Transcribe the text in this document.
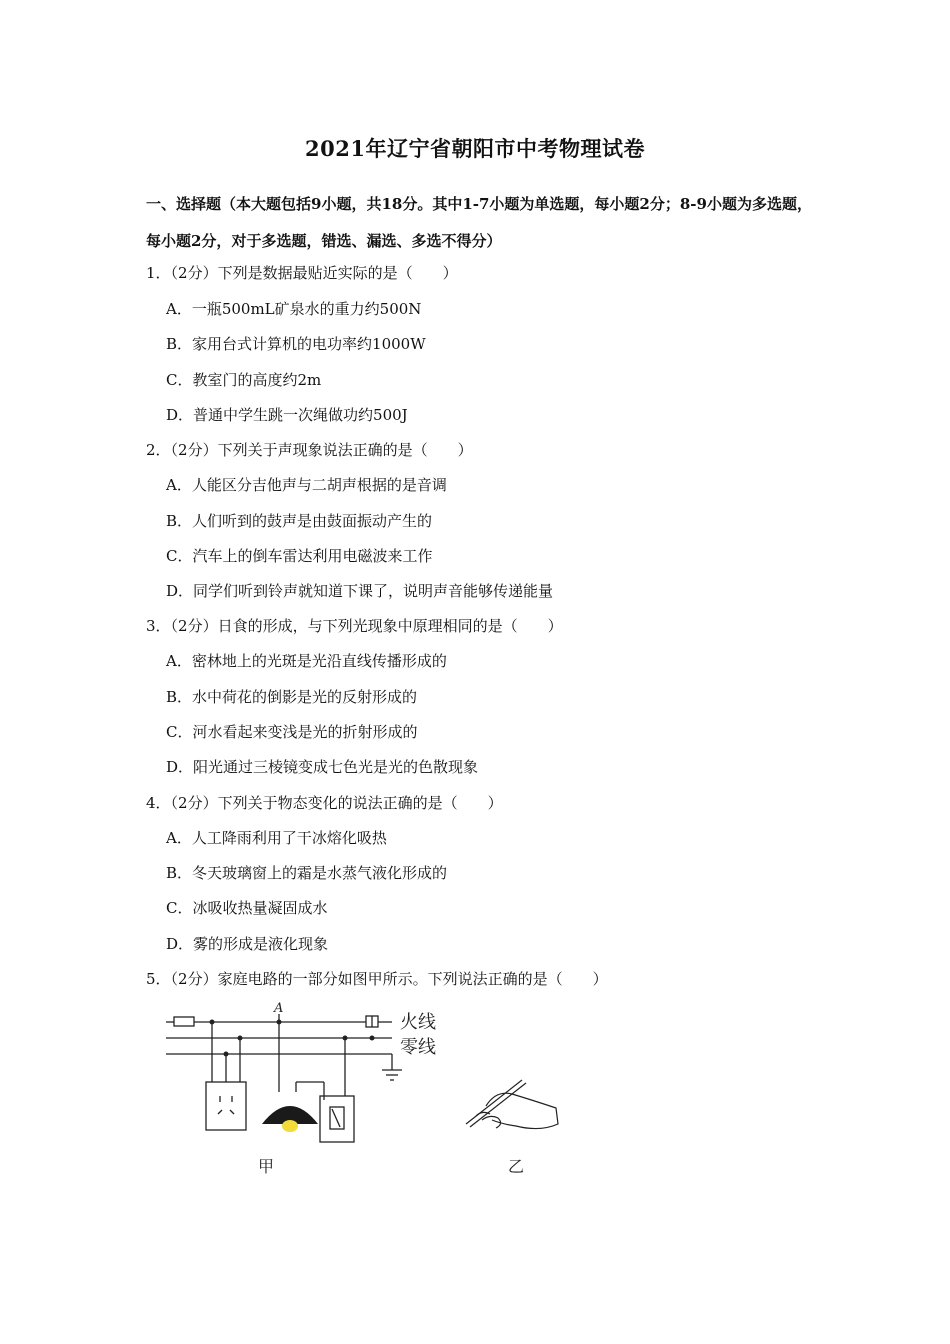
2021年辽宁省朝阳市中考物理试卷
一、选择题（本大题包括9小题，共18分。其中1-7小题为单选题，每小题2分；8-9小题为多选题，每小题2分，对于多选题，错选、漏选、多选不得分）
1．（2分）下列是数据最贴近实际的是（　　）
A．一瓶500mL矿泉水的重力约500N
B．家用台式计算机的电功率约1000W
C．教室门的高度约2m
D．普通中学生跳一次绳做功约500J
2．（2分）下列关于声现象说法正确的是（　　）
A．人能区分吉他声与二胡声根据的是音调
B．人们听到的鼓声是由鼓面振动产生的
C．汽车上的倒车雷达利用电磁波来工作
D．同学们听到铃声就知道下课了，说明声音能够传递能量
3．（2分）日食的形成，与下列光现象中原理相同的是（　　）
A．密林地上的光斑是光沿直线传播形成的
B．水中荷花的倒影是光的反射形成的
C．河水看起来变浅是光的折射形成的
D．阳光通过三棱镜变成七色光是光的色散现象
4．（2分）下列关于物态变化的说法正确的是（　　）
A．人工降雨利用了干冰熔化吸热
B．冬天玻璃窗上的霜是水蒸气液化形成的
C．冰吸收热量凝固成水
D．雾的形成是液化现象
5．（2分）家庭电路的一部分如图甲所示。下列说法正确的是（　　）
A
火线
零线
甲	乙
